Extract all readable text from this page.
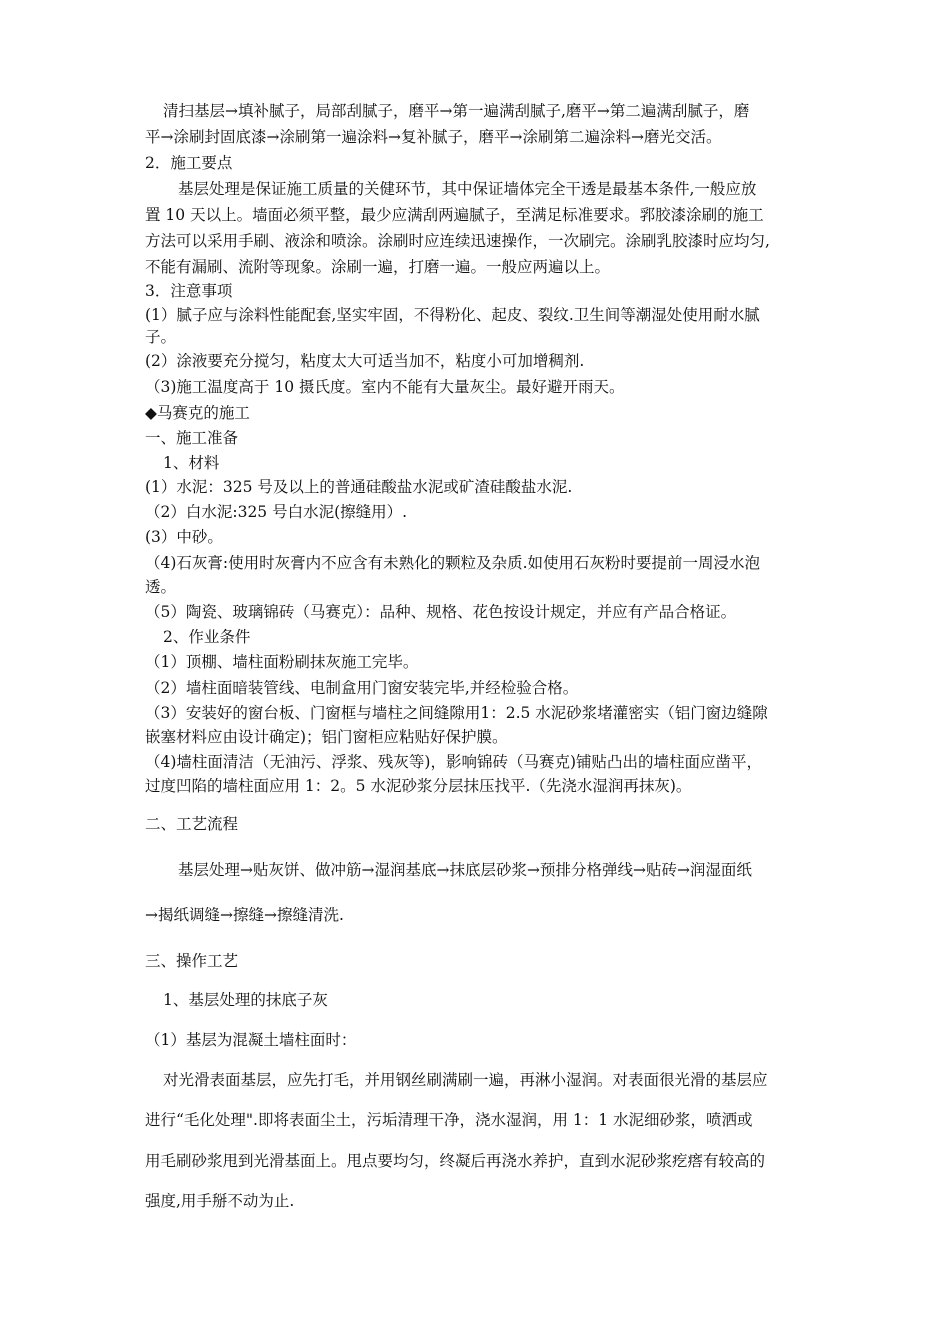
清扫基层→填补腻子，局部刮腻子，磨平→第一遍满刮腻子,磨平→第二遍满刮腻子，磨
平→涂刷封固底漆→涂刷第一遍涂料→复补腻子，磨平→涂刷第二遍涂料→磨光交活。
2．施工要点
基层处理是保证施工质量的关健环节，其中保证墙体完全干透是最基本条件,一般应放
置 10 天以上。墙面必须平整，最少应满刮两遍腻子，至满足标准要求。郛胶漆涂刷的施工
方法可以采用手刷、液涂和喷涂。涂刷时应连续迅速操作，一次刷完。涂刷乳胶漆时应均匀,
不能有漏刷、流附等现象。涂刷一遍，打磨一遍。一般应两遍以上。
3．注意事项
(1）腻子应与涂料性能配套,坚实牢固，不得粉化、起皮、裂纹.卫生间等潮湿处使用耐水腻
子。
(2）涂液要充分搅匀，粘度太大可适当加不，粘度小可加增稠剂.
（3)施工温度高于 10 摄氏度。室内不能有大量灰尘。最好避开雨天。
◆马赛克的施工
一、施工准备
1、材料
(1）水泥：325 号及以上的普通硅酸盐水泥或矿渣硅酸盐水泥.
（2）白水泥:325 号白水泥(擦缝用）.
(3）中砂。
（4)石灰膏:使用时灰膏内不应含有未熟化的颗粒及杂质.如使用石灰粉时要提前一周浸水泡
透。
（5）陶瓷、玻璃锦砖（马赛克）：品种、规格、花色按设计规定，并应有产品合格证。
2、作业条件
（1）顶棚、墙柱面粉刷抹灰施工完毕。
（2）墙柱面暗装管线、电制盒用门窗安装完毕,并经检验合格。
（3）安装好的窗台板、门窗框与墙柱之间缝隙用1：2.5 水泥砂浆堵灌密实（铝门窗边缝隙
嵌塞材料应由设计确定)；铝门窗柜应粘贴好保护膜。
（4)墙柱面清洁（无油污、浮浆、残灰等)，影响锦砖（马赛克)铺贴凸出的墙柱面应凿平，
过度凹陷的墙柱面应用 1：2。5 水泥砂浆分层抹压找平.（先浇水湿润再抹灰)。
二、工艺流程
基层处理→贴灰饼、做冲筋→湿润基底→抹底层砂浆→预排分格弹线→贴砖→润湿面纸
→揭纸调缝→擦缝→擦缝清洗.
三、操作工艺
1、基层处理的抹底子灰
（1）基层为混凝土墙柱面时：
对光滑表面基层，应先打毛，并用钢丝刷满刷一遍，再淋小湿润。对表面很光滑的基层应
进行“毛化处理".即将表面尘土，污垢清理干净，浇水湿润，用 1：1 水泥细砂浆，喷洒或
用毛刷砂浆甩到光滑基面上。甩点要均匀，终凝后再浇水养护，直到水泥砂浆疙瘩有较高的
强度,用手掰不动为止.
